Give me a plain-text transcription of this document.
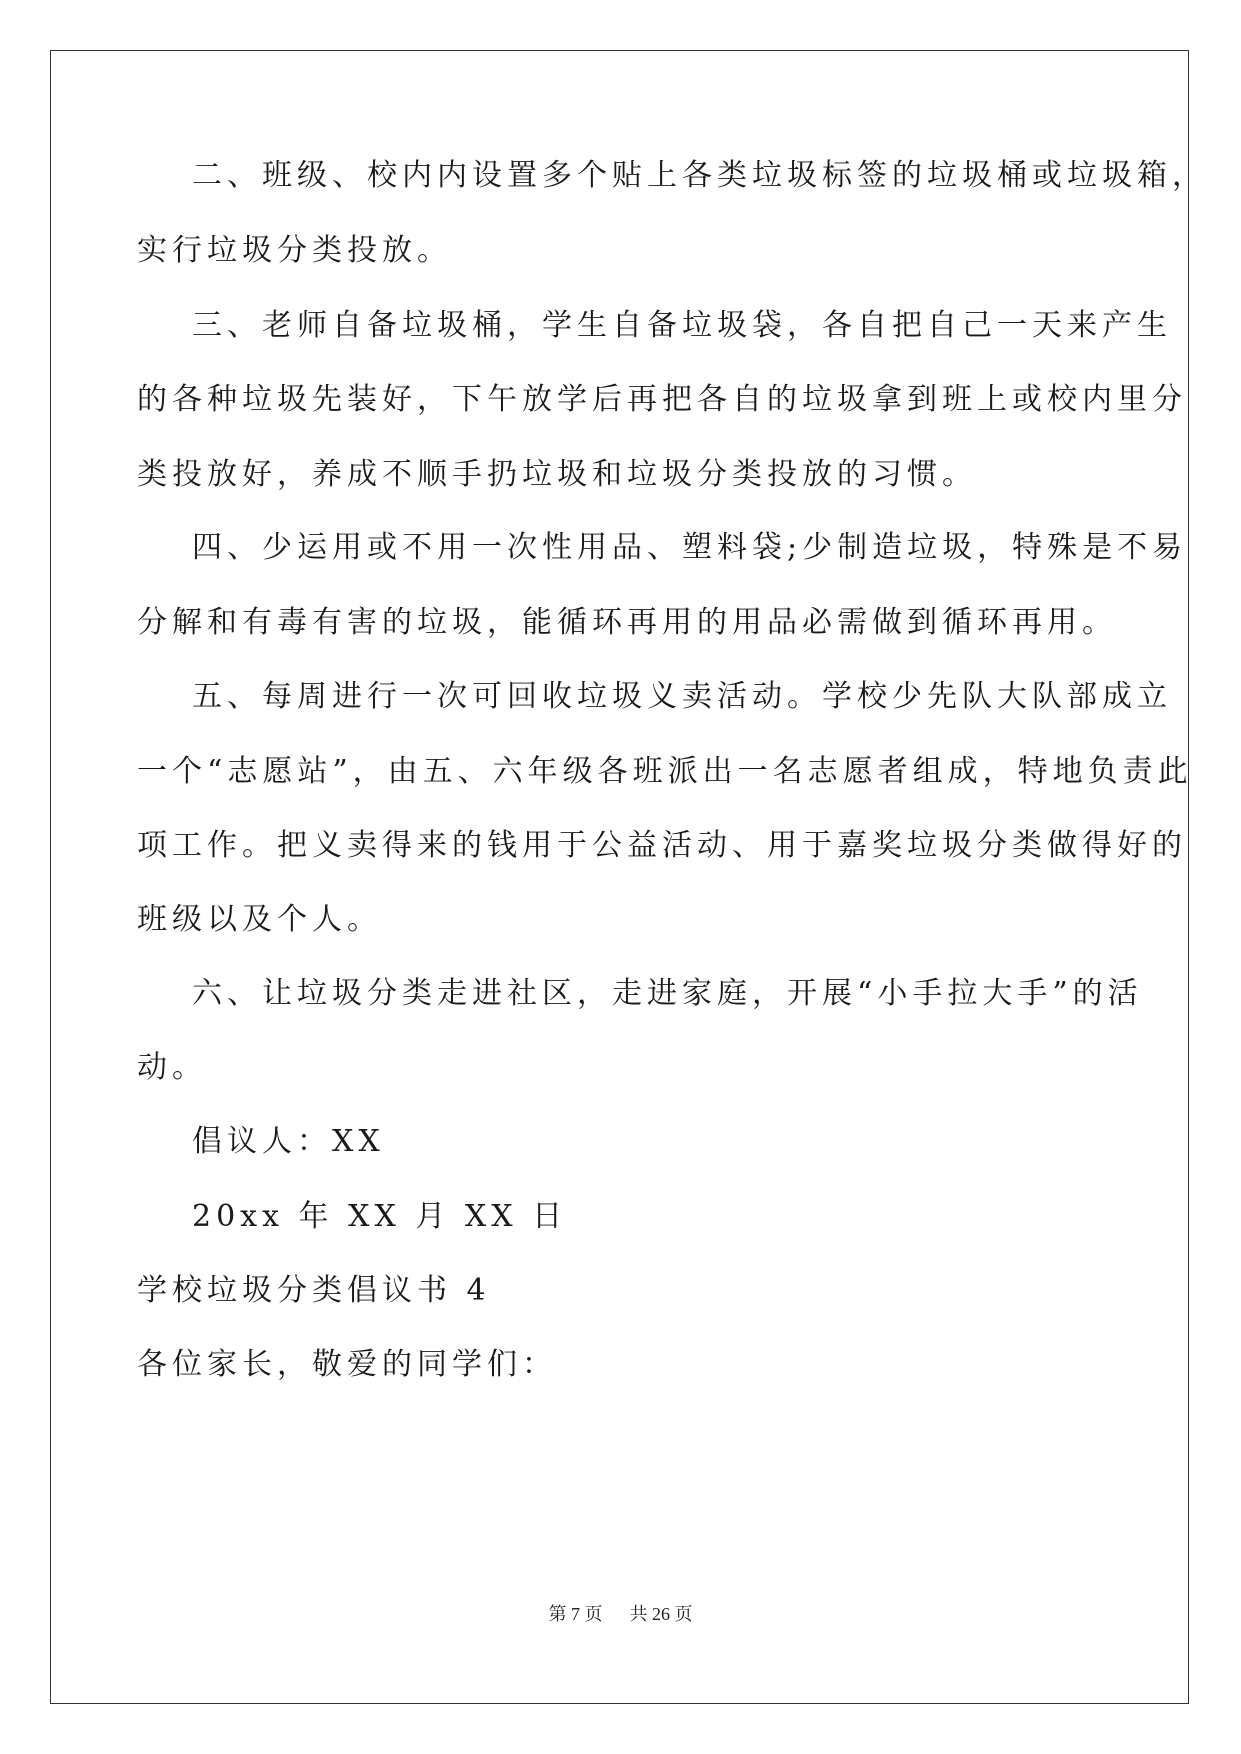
二、班级、校内内设置多个贴上各类垃圾标签的垃圾桶或垃圾箱，
实行垃圾分类投放。
三、老师自备垃圾桶，学生自备垃圾袋，各自把自己一天来产生
的各种垃圾先装好，下午放学后再把各自的垃圾拿到班上或校内里分
类投放好，养成不顺手扔垃圾和垃圾分类投放的习惯。
四、少运用或不用一次性用品、塑料袋;少制造垃圾，特殊是不易
分解和有毒有害的垃圾，能循环再用的用品必需做到循环再用。
五、每周进行一次可回收垃圾义卖活动。学校少先队大队部成立
一个“志愿站”，由五、六年级各班派出一名志愿者组成，特地负责此
项工作。把义卖得来的钱用于公益活动、用于嘉奖垃圾分类做得好的
班级以及个人。
六、让垃圾分类走进社区，走进家庭，开展“小手拉大手”的活
动。
倡议人：XX
20xx 年 XX 月 XX 日
学校垃圾分类倡议书 4
各位家长，敬爱的同学们：
第 7 页 共 26 页
